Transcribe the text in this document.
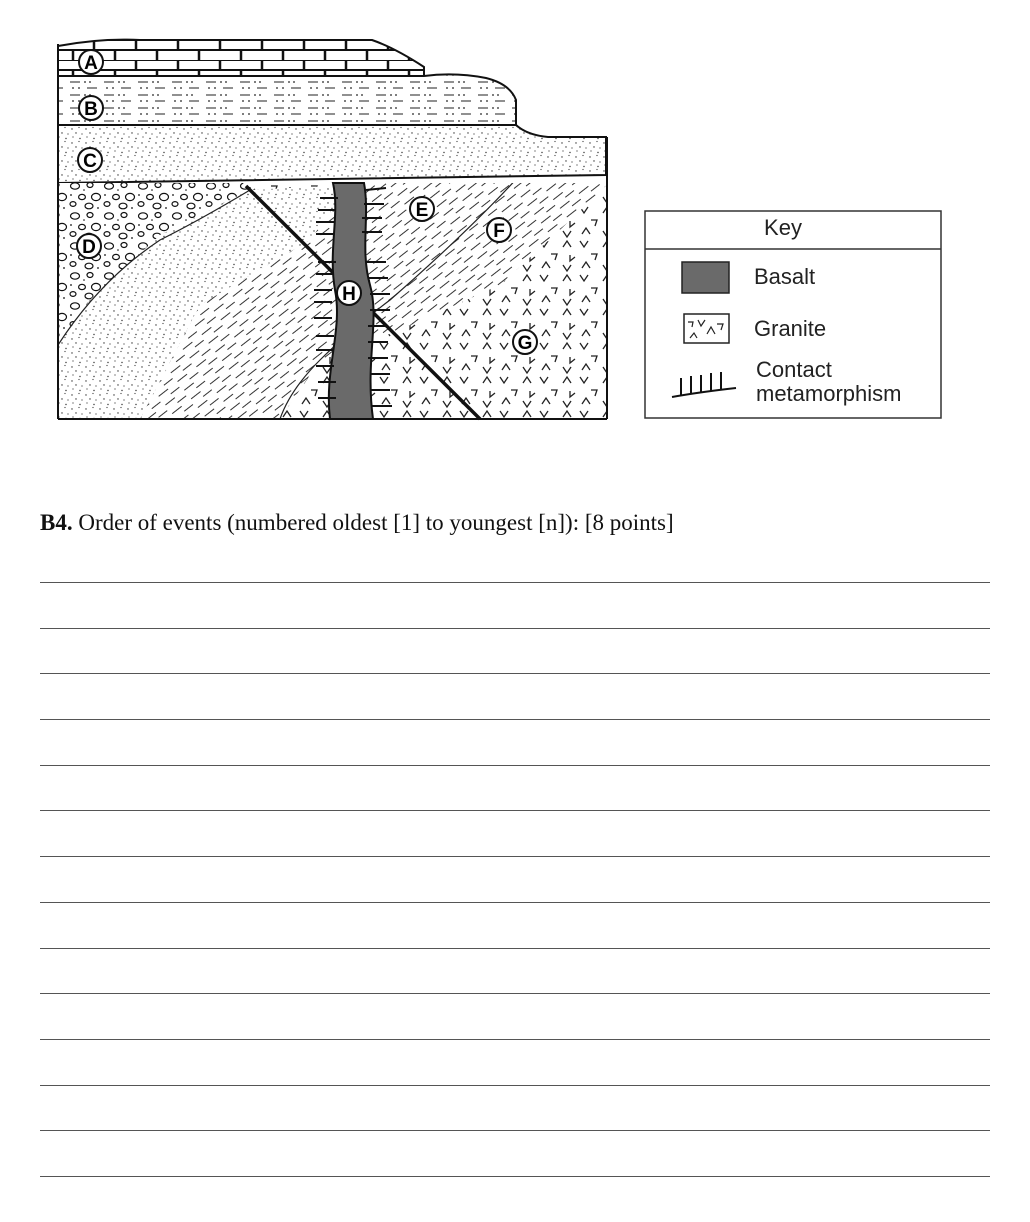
A
B
C
D
E
F
G
H
Key
Basalt
Granite
Contact
metamorphism

B4. Order of events (numbered oldest [1] to youngest [n]): [8 points]
